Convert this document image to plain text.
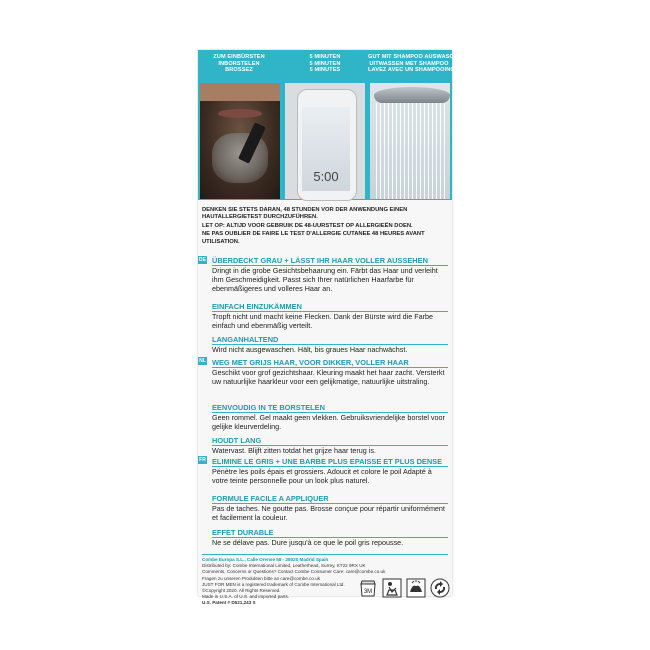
ZUM EINBÜRSTEN
INBORSTELEN
BROSSEZ
5 MINUTEN
5 MINUTEN
5 MINUTES
GUT MIT SHAMPOO AUSWASCHEN
UITWASSEN MET SHAMPOO
LAVEZ AVEC UN SHAMPOOING
5:00
DENKEN SIE STETS DARAN, 48 STUNDEN VOR DER ANWENDUNG EINEN HAUTALLERGIETEST DURCHZUFÜHREN.
LET OP: ALTIJD VOOR GEBRUIK DE 48-UURSTEST OP ALLERGIEËN DOEN.
NE PAS OUBLIER DE FAIRE LE TEST D'ALLERGIE CUTANEE 48 HEURES AVANT UTILISATION.
DE
NL
FR
ÜBERDECKT GRAU + LÄSST IHR HAAR VOLLER AUSSEHEN
Dringt in die grobe Gesichtsbehaarung ein. Färbt das Haar und verleiht ihm Geschmeidigkeit. Passt sich Ihrer natürlichen Haarfarbe für ebenmäßigeres und volleres Haar an.
EINFACH EINZUKÄMMEN
Tropft nicht und macht keine Flecken. Dank der Bürste wird die Farbe einfach und ebenmäßig verteilt.
LANGANHALTEND
Wird nicht ausgewaschen. Hält, bis graues Haar nachwächst.
WEG MET GRIJS HAAR, VOOR DIKKER, VOLLER HAAR
Geschikt voor grof gezichtshaar. Kleuring maakt het haar zacht. Versterkt uw natuurlijke haarkleur voor een gelijkmatige, natuurlijke uitstraling.
EENVOUDIG IN TE BORSTELEN
Geen rommel. Gel maakt geen vlekken. Gebruiksvriendelijke borstel voor gelijke kleurverdeling.
HOUDT LANG
Watervast. Blijft zitten totdat het grijze haar terug is.
ELIMINE LE GRIS + UNE BARBE PLUS EPAISSE ET PLUS DENSE
Pénètre les poils épais et grossiers. Adoucit et colore le poil Adapté à votre teinte personnelle pour un look plus naturel.
FORMULE FACILE A APPLIQUER
Pas de taches. Ne goutte pas. Brosse conçue pour répartir uniformément et facilement la couleur.
EFFET DURABLE
Ne se délave pas. Dure jusqu'à ce que le poil gris repousse.
Combe Europa S.L., Calle Orense 58 - 28020 Madrid Spain
Distributed by: Combe International Limited, Leatherhead, Surrey, KT22 9RX UK
Comments, Concerns or Questions? Contact Combe Consumer Care: care@combe.co.uk
Fragen zu unseren Produkten bitte an care@combe.co.uk
JUST FOR MEN is a registered trademark of Combe International Ltd.
©Copyright 2020. All Rights Reserved.
Made in U.S.A. of U.S. and imported parts.
U.S. Patent # D521,243 S
3M
